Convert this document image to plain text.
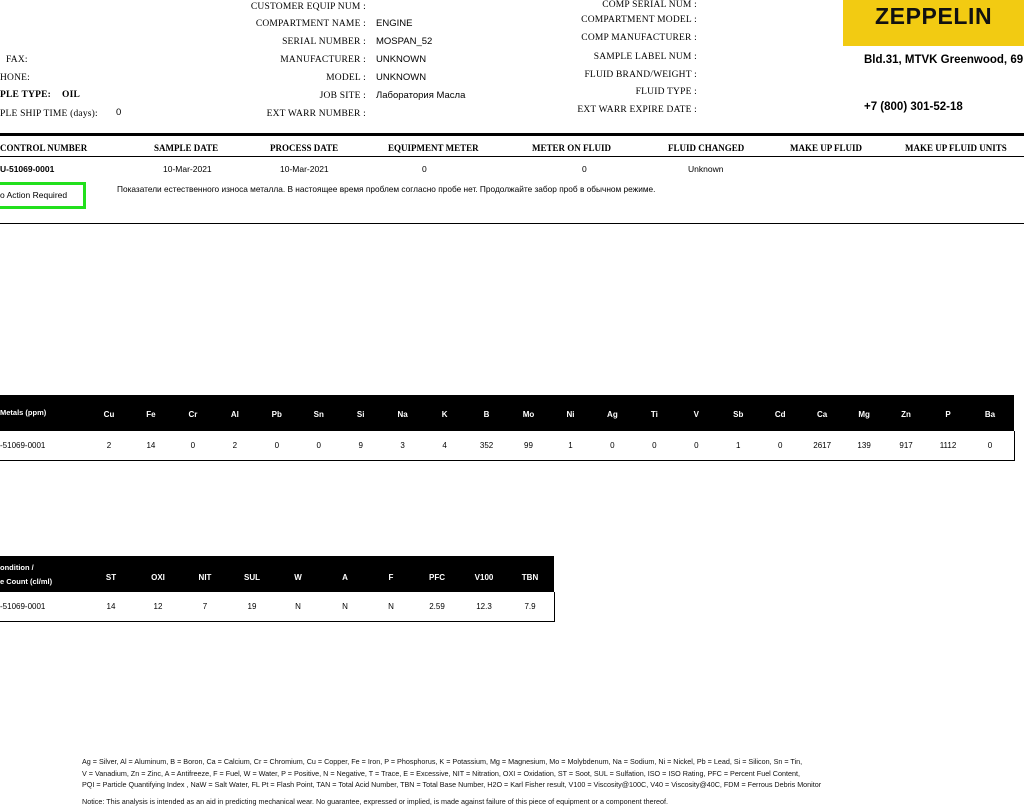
ZEPPELIN
Bld.31, MTVK Greenwood, 69
+7 (800) 301-52-18
FAX:
HONE:
PLE TYPE: OIL
PLE SHIP TIME (days): 0
CUSTOMER EQUIP NUM :
COMPARTMENT NAME : ENGINE
SERIAL NUMBER : MOSPAN_52
MANUFACTURER : UNKNOWN
MODEL : UNKNOWN
JOB SITE : Лаборатория Масла
EXT WARR NUMBER :
COMP SERIAL NUM :
COMPARTMENT MODEL :
COMP MANUFACTURER :
SAMPLE LABEL NUM :
FLUID BRAND/WEIGHT :
FLUID TYPE :
EXT WARR EXPIRE DATE :
CONTROL NUMBER	SAMPLE DATE	PROCESS DATE	EQUIPMENT METER	METER ON FLUID	FLUID CHANGED	MAKE UP FLUID	MAKE UP FLUID UNITS
U-51069-0001	10-Mar-2021	10-Mar-2021	0	0	Unknown
o Action Required
Показатели естественного износа металла. В настоящее время проблем согласно пробе нет. Продолжайте забор проб в обычном режиме.
Metals (ppm)	Cu	Fe	Cr	Al	Pb	Sn	Si	Na	K	B	Mo	Ni	Ag	Ti	V	Sb	Cd	Ca	Mg	Zn	P	Ba
-51069-0001	2	14	0	2	0	0	9	3	4	352	99	1	0	0	0	1	0	2617	139	917	1112	0
ondition /
e Count (cl/ml)	ST	OXI	NIT	SUL	W	A	F	PFC	V100	TBN
-51069-0001	14	12	7	19	N	N	N	2.59	12.3	7.9
Ag = Silver, Al = Aluminum, B = Boron, Ca = Calcium, Cr = Chromium, Cu = Copper, Fe = Iron, P = Phosphorus, K = Potassium, Mg = Magnesium, Mo = Molybdenum, Na = Sodium, Ni = Nickel, Pb = Lead, Si = Silicon, Sn = Tin,
V = Vanadium, Zn = Zinc, A = Antifreeze, F = Fuel, W = Water, P = Positive, N = Negative, T = Trace, E = Excessive, NIT = Nitration, OXI = Oxidation, ST = Soot, SUL = Sulfation, ISO = ISO Rating, PFC = Percent Fuel Content,
PQI = Particle Quantifying Index , NaW = Salt Water, FL Pt = Flash Point, TAN = Total Acid Number, TBN = Total Base Number, H2O = Karl Fisher result, V100 = Viscosity@100C, V40 = Viscosity@40C, FDM = Ferrous Debris Monitor
Notice: This analysis is intended as an aid in predicting mechanical wear. No guarantee, expressed or implied, is made against failure of this piece of equipment or a component thereof.
